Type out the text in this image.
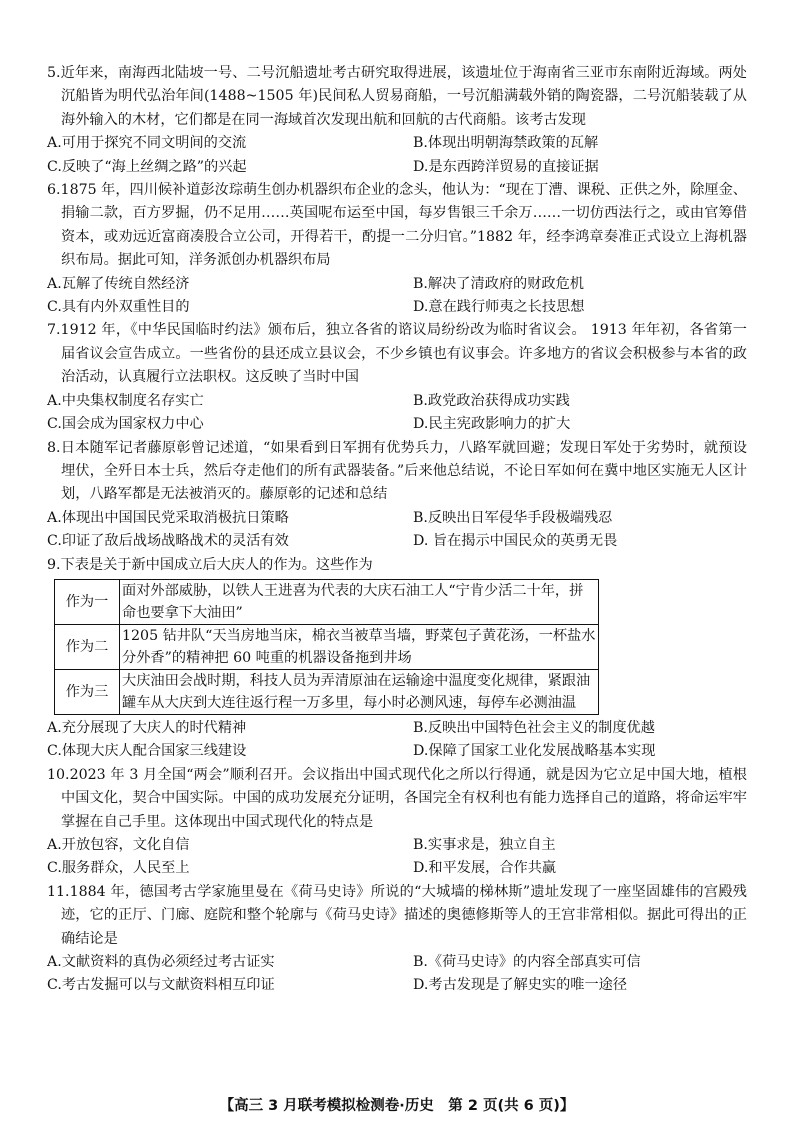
5.近年来，南海西北陆坡一号、二号沉船遗址考古研究取得进展，该遗址位于海南省三亚市东南附近海域。两处沉船皆为明代弘治年间(1488~1505 年)民间私人贸易商船，一号沉船满载外销的陶瓷器，二号沉船装载了从海外输入的木材，它们都是在同一海域首次发现出航和回航的古代商船。该考古发现

A.可用于探究不同文明间的交流	B.体现出明朝海禁政策的瓦解
C.反映了“海上丝绸之路”的兴起	D.是东西跨洋贸易的直接证据

6.1875 年，四川候补道彭汝琮萌生创办机器织布企业的念头，他认为：“现在丁漕、课税、正供之外，除厘金、捐输二款，百方罗掘，仍不足用……英国呢布运至中国，每岁售银三千余万……一切仿西法行之，或由官筹借资本，或劝远近富商凑股合立公司，开得若干，酌提一二分归官。”1882 年，经李鸿章奏准正式设立上海机器织布局。据此可知，洋务派创办机器织布局

A.瓦解了传统自然经济	B.解决了清政府的财政危机
C.具有内外双重性目的	D.意在践行师夷之长技思想

7.1912 年，《中华民国临时约法》颁布后，独立各省的谘议局纷纷改为临时省议会。 1913 年年初，各省第一届省议会宣告成立。一些省份的县还成立县议会，不少乡镇也有议事会。许多地方的省议会积极参与本省的政治活动，认真履行立法职权。这反映了当时中国

A.中央集权制度名存实亡	B.政党政治获得成功实践
C.国会成为国家权力中心	D.民主宪政影响力的扩大

8.日本随军记者藤原彰曾记述道，“如果看到日军拥有优势兵力，八路军就回避；发现日军处于劣势时，就预设埋伏，全歼日本士兵，然后夺走他们的所有武器装备。”后来他总结说，不论日军如何在冀中地区实施无人区计划，八路军都是无法被消灭的。藤原彰的记述和总结

A.体现出中国国民党采取消极抗日策略	B.反映出日军侵华手段极端残忍
C.印证了敌后战场战略战术的灵活有效	D. 旨在揭示中国民众的英勇无畏

9.下表是关于新中国成立后大庆人的作为。这些作为

作为一	面对外部威胁，以铁人王进喜为代表的大庆石油工人“宁肯少活二十年，拼命也要拿下大油田”
作为二	1205 钻井队“天当房地当床，棉衣当被草当墙，野菜包子黄花汤，一杯盐水分外香”的精神把 60 吨重的机器设备拖到井场
作为三	大庆油田会战时期，科技人员为弄清原油在运输途中温度变化规律，紧跟油罐车从大庆到大连往返行程一万多里，每小时必测风速，每停车必测油温
A.充分展现了大庆人的时代精神	B.反映出中国特色社会主义的制度优越
C.体现大庆人配合国家三线建设	D.保障了国家工业化发展战略基本实现

10.2023 年 3 月全国“两会”顺利召开。会议指出中国式现代化之所以行得通，就是因为它立足中国大地，植根中国文化，契合中国实际。中国的成功发展充分证明，各国完全有权利也有能力选择自己的道路，将命运牢牢掌握在自己手里。这体现出中国式现代化的特点是

A.开放包容，文化自信	B.实事求是，独立自主
C.服务群众，人民至上	D.和平发展，合作共赢

11.1884 年，德国考古学家施里曼在《荷马史诗》所说的“大城墙的梯林斯”遗址发现了一座坚固雄伟的宫殿残迹，它的正厅、门廊、庭院和整个轮廓与《荷马史诗》描述的奥德修斯等人的王宫非常相似。据此可得出的正确结论是

A.文献资料的真伪必须经过考古证实	B.《荷马史诗》的内容全部真实可信
C.考古发掘可以与文献资料相互印证	D.考古发现是了解史实的唯一途径
【高三 3 月联考模拟检测卷·历史　第 2 页(共 6 页)】
